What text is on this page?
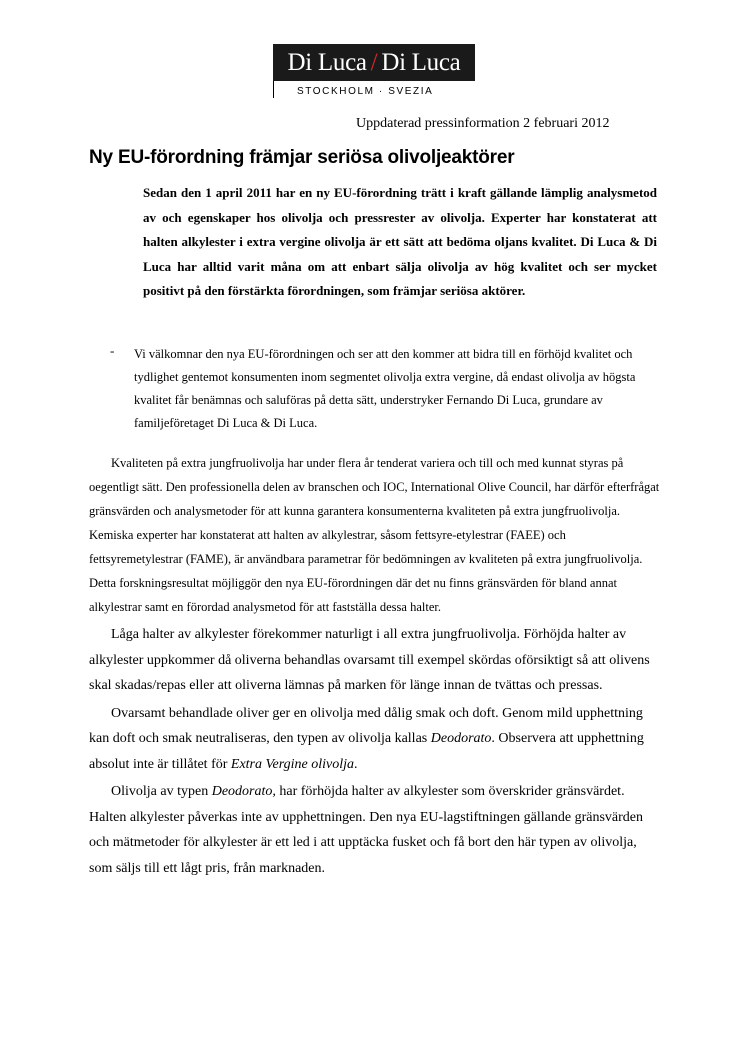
Di Luca / Di Luca
STOCKHOLM · SVEZIA
Uppdaterad pressinformation 2 februari 2012
Ny EU-förordning främjar seriösa olivoljeaktörer
Sedan den 1 april 2011 har en ny EU-förordning trätt i kraft gällande lämplig analysmetod av och egenskaper hos olivolja och pressrester av olivolja. Experter har konstaterat att halten alkylester i extra vergine olivolja är ett sätt att bedöma oljans kvalitet. Di Luca & Di Luca har alltid varit måna om att enbart sälja olivolja av hög kvalitet och ser mycket positivt på den förstärkta förordningen, som främjar seriösa aktörer.
- Vi välkomnar den nya EU-förordningen och ser att den kommer att bidra till en förhöjd kvalitet och tydlighet gentemot konsumenten inom segmentet olivolja extra vergine, då endast olivolja av högsta kvalitet får benämnas och saluföras på detta sätt, understryker Fernando Di Luca, grundare av familjeföretaget Di Luca & Di Luca.

Kvaliteten på extra jungfruolivolja har under flera år tenderat variera och till och med kunnat styras på oegentligt sätt. Den professionella delen av branschen och IOC, International Olive Council, har därför efterfrågat gränsvärden och analysmetoder för att kunna garantera konsumenterna kvaliteten på extra jungfruolivolja. Kemiska experter har konstaterat att halten av alkylestrar, såsom fettsyre-etylestrar (FAEE) och fettsyremetylestrar (FAME), är användbara parametrar för bedömningen av kvaliteten på extra jungfruolivolja. Detta forskningsresultat möjliggör den nya EU-förordningen där det nu finns gränsvärden för bland annat alkylestrar samt en förordad analysmetod för att fastställa dessa halter.

Låga halter av alkylester förekommer naturligt i all extra jungfruolivolja. Förhöjda halter av alkylester uppkommer då oliverna behandlas ovarsamt till exempel skördas oförsiktigt så att olivens skal skadas/repas eller att oliverna lämnas på marken för länge innan de tvättas och pressas.

Ovarsamt behandlade oliver ger en olivolja med dålig smak och doft. Genom mild upphettning kan doft och smak neutraliseras, den typen av olivolja kallas Deodorato. Observera att upphettning absolut inte är tillåtet för Extra Vergine olivolja.

Olivolja av typen Deodorato, har förhöjda halter av alkylester som överskrider gränsvärdet. Halten alkylester påverkas inte av upphettningen. Den nya EU-lagstiftningen gällande gränsvärden och mätmetoder för alkylester är ett led i att upptäcka fusket och få bort den här typen av olivolja, som säljs till ett lågt pris, från marknaden.
